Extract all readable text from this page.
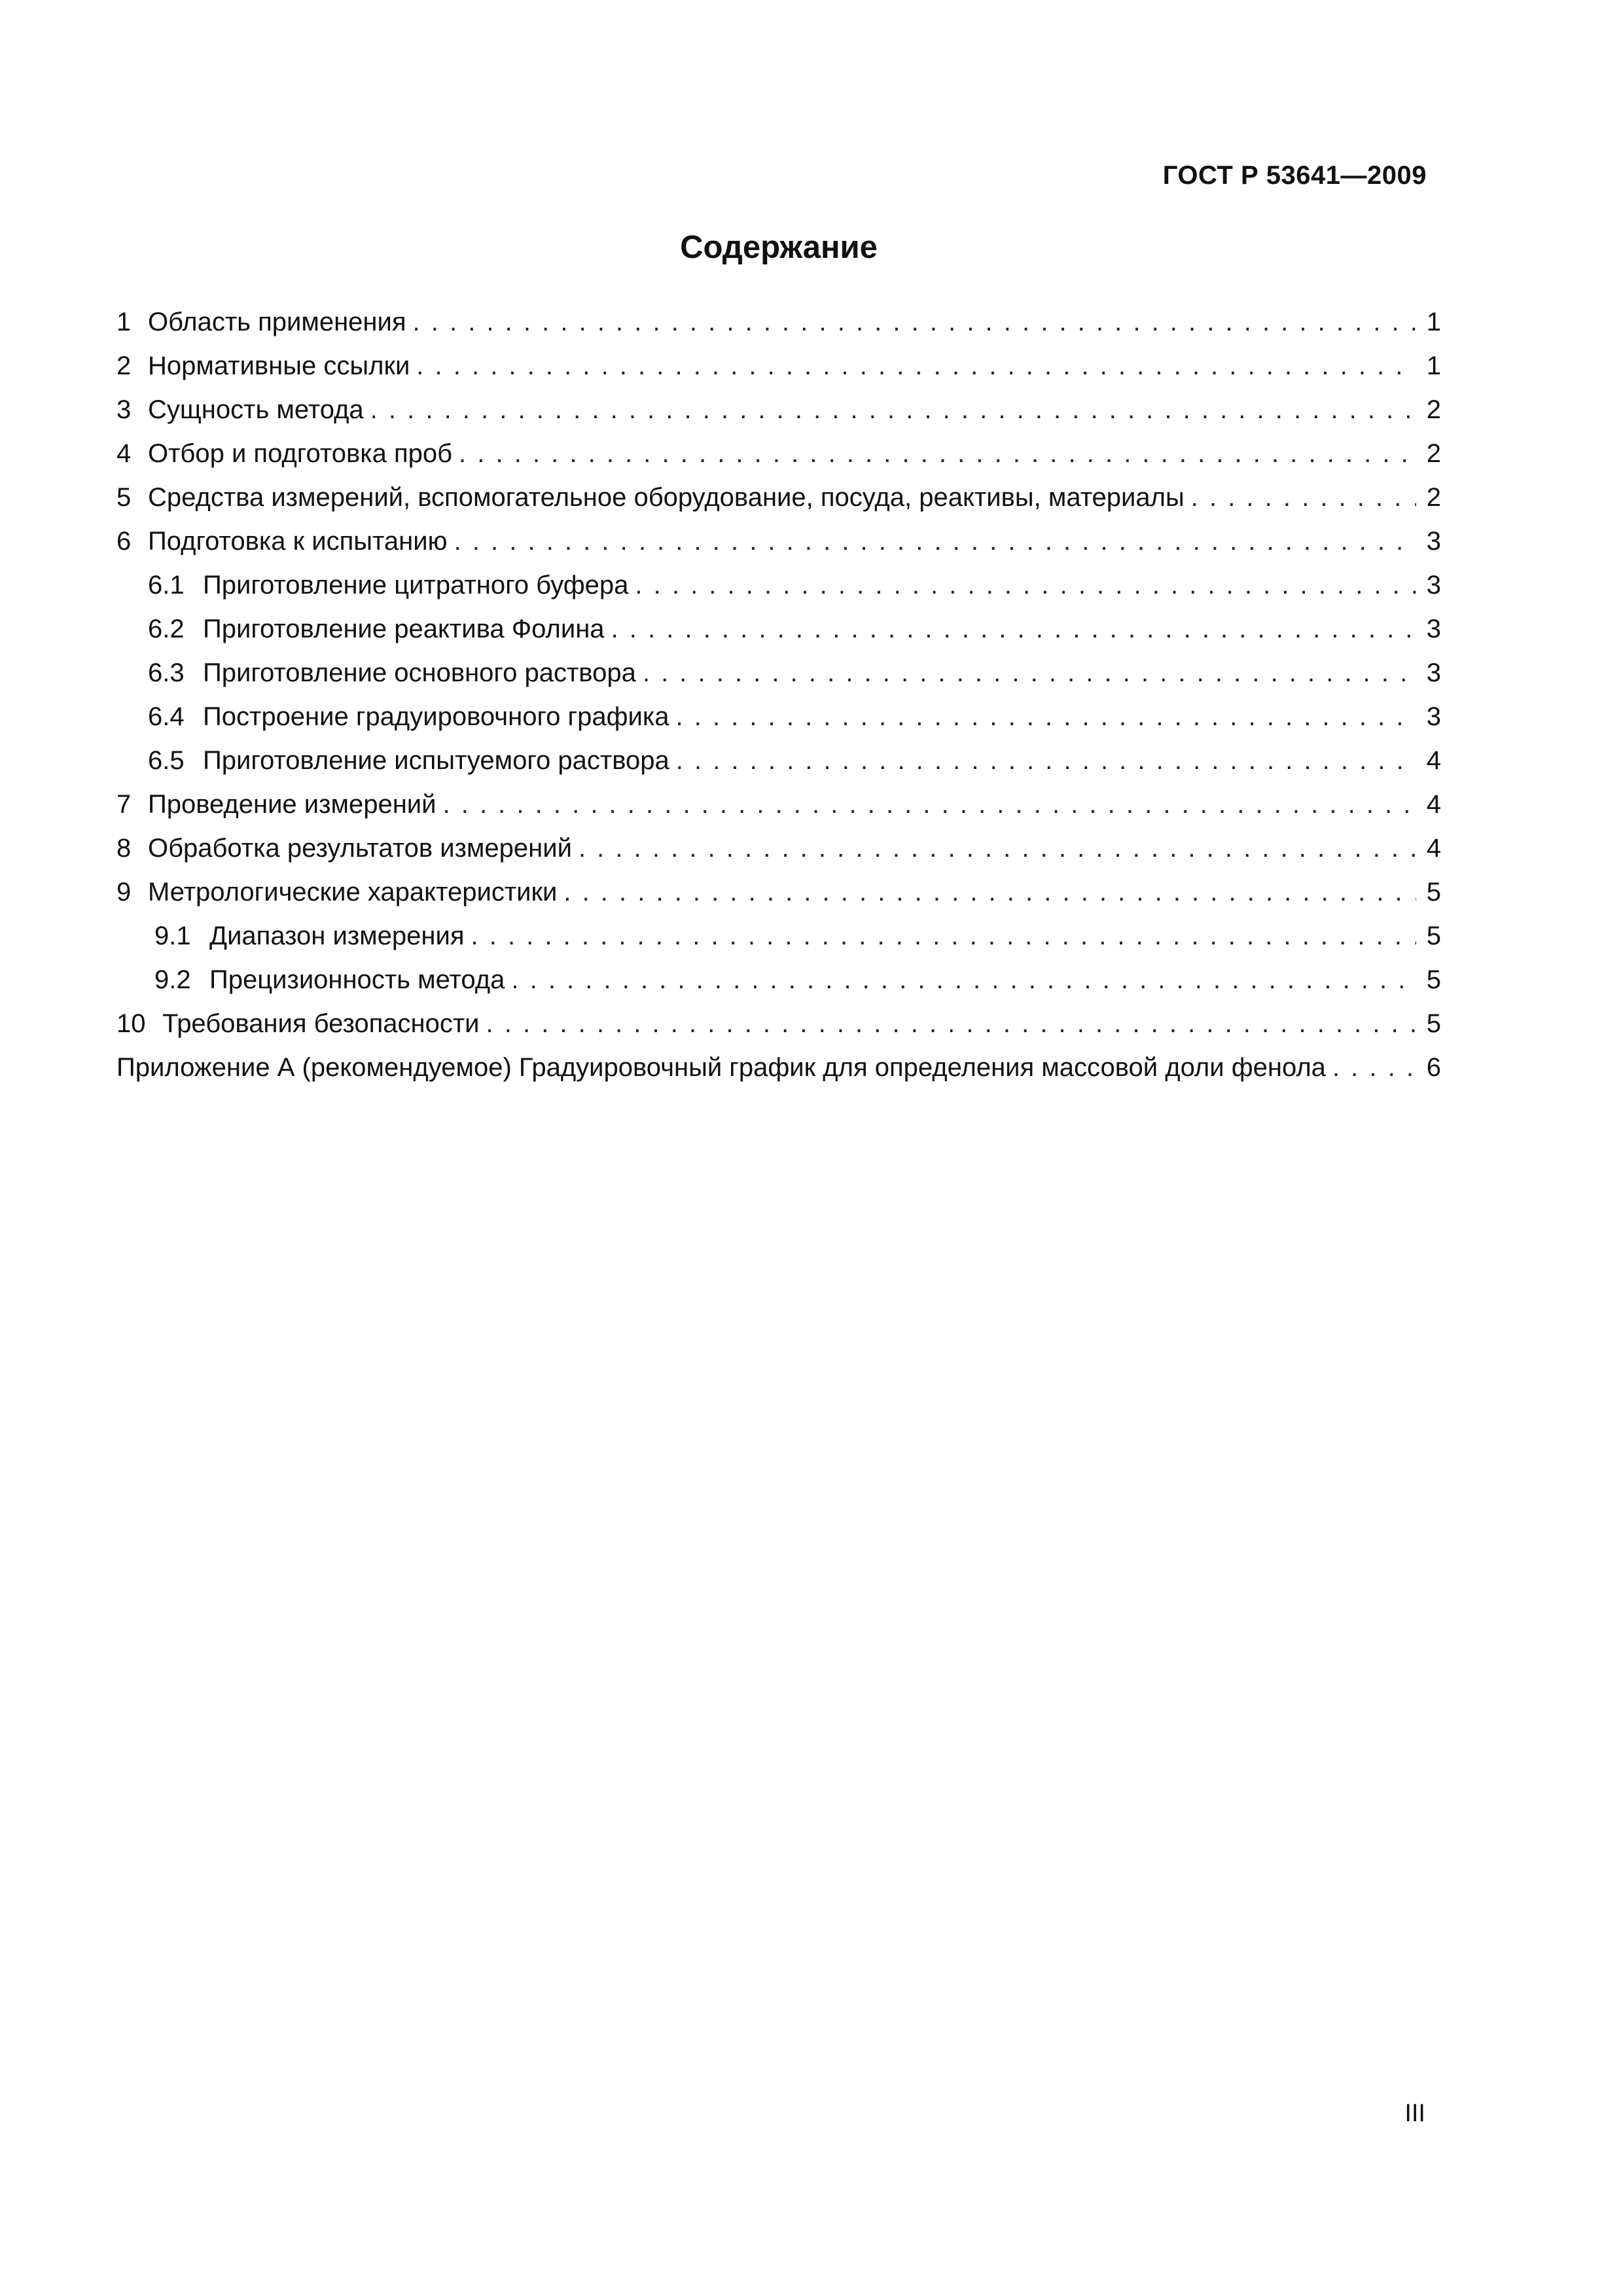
ГОСТ Р 53641—2009
Содержание
1 Область применения . . .	1
2 Нормативные ссылки . . .	1
3 Сущность метода . . .	2
4 Отбор и подготовка проб . . .	2
5 Средства измерений, вспомогательное оборудование, посуда, реактивы, материалы . . .	2
6 Подготовка к испытанию . . .	3
6.1 Приготовление цитратного буфера . . .	3
6.2 Приготовление реактива Фолина . . .	3
6.3 Приготовление основного раствора . . .	3
6.4 Построение градуировочного графика . . .	3
6.5 Приготовление испытуемого раствора . . .	4
7 Проведение измерений . . .	4
8 Обработка результатов измерений . . .	4
9 Метрологические характеристики . . .	5
9.1 Диапазон измерения . . .	5
9.2 Прецизионность метода . . .	5
10 Требования безопасности . . .	5
Приложение А (рекомендуемое) Градуировочный график для определения массовой доли фенола . . .	6
III
